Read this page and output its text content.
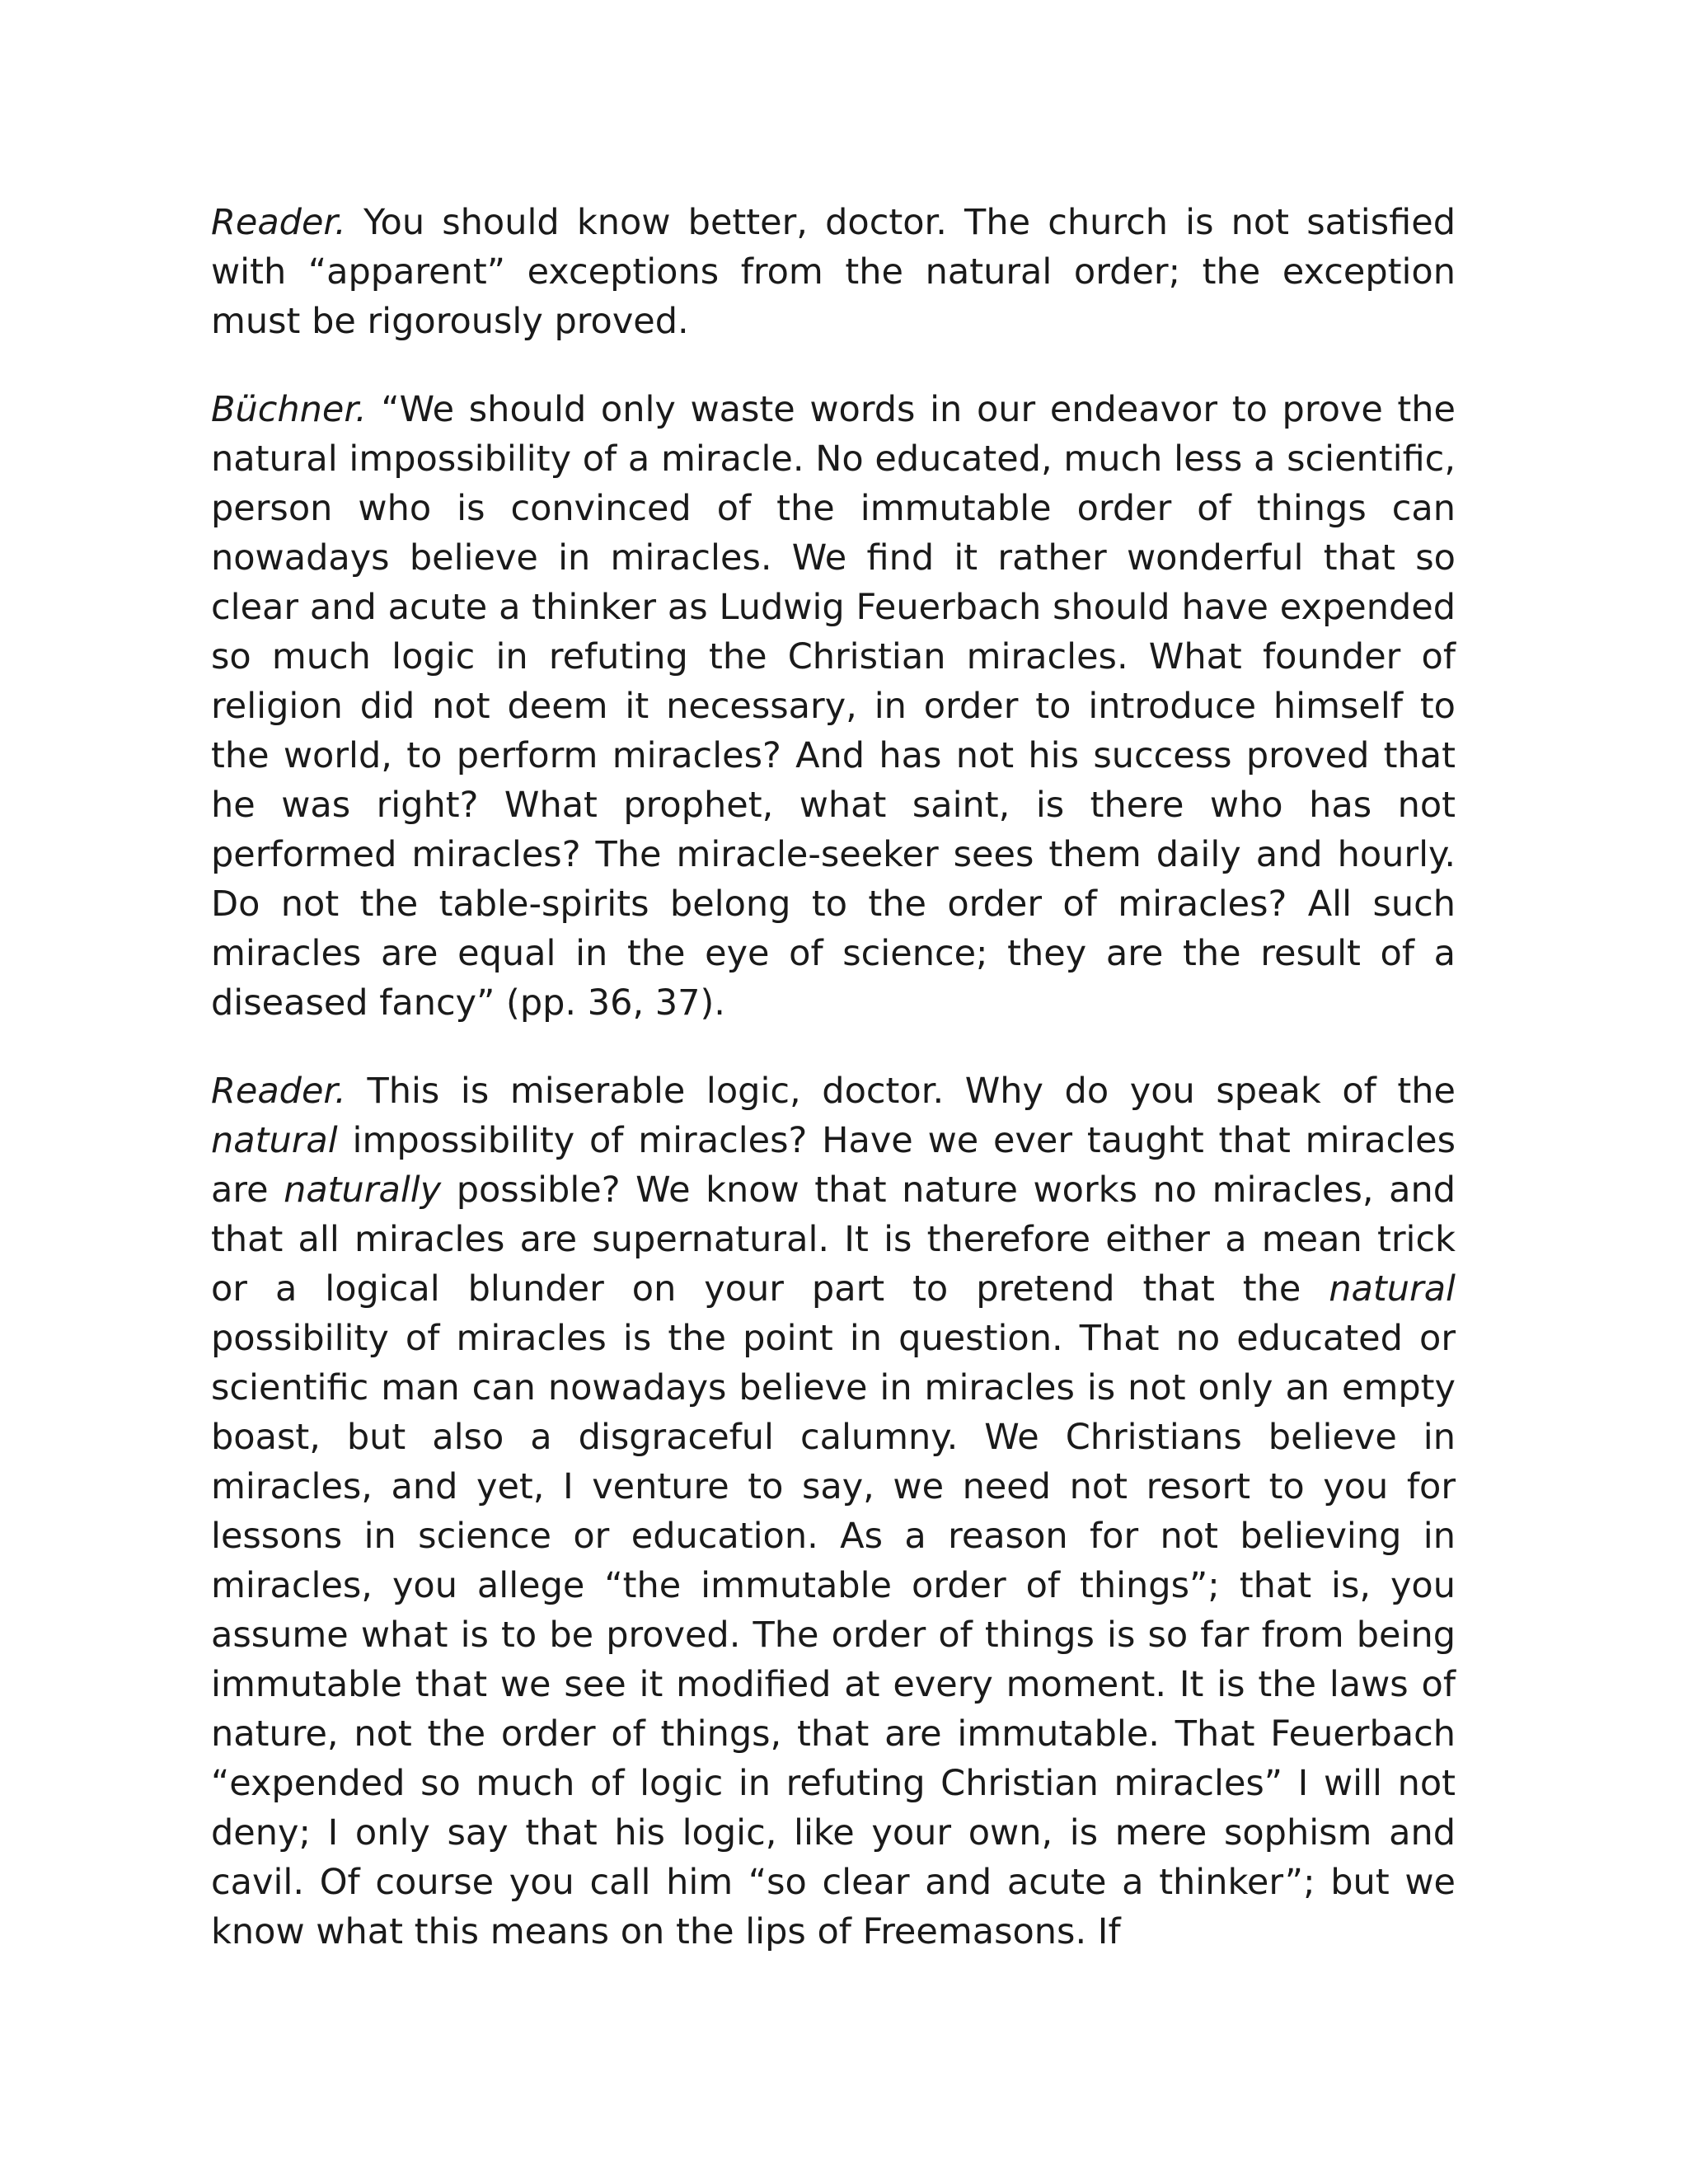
Reader. You should know better, doctor. The church is not satisfied with “apparent” exceptions from the natural order; the exception must be rigorously proved.

Büchner. “We should only waste words in our endeavor to prove the natural impossibility of a miracle. No educated, much less a scientific, person who is convinced of the immutable order of things can nowadays believe in miracles. We find it rather wonderful that so clear and acute a thinker as Ludwig Feuerbach should have expended so much logic in refuting the Christian miracles. What founder of religion did not deem it necessary, in order to introduce himself to the world, to perform miracles? And has not his success proved that he was right? What prophet, what saint, is there who has not performed miracles? The miracle-seeker sees them daily and hourly. Do not the table-spirits belong to the order of miracles? All such miracles are equal in the eye of science; they are the result of a diseased fancy” (pp. 36, 37).

Reader. This is miserable logic, doctor. Why do you speak of the natural impossibility of miracles? Have we ever taught that miracles are naturally possible? We know that nature works no miracles, and that all miracles are supernatural. It is therefore either a mean trick or a logical blunder on your part to pretend that the natural possibility of miracles is the point in question. That no educated or scientific man can nowadays believe in miracles is not only an empty boast, but also a disgraceful calumny. We Christians believe in miracles, and yet, I venture to say, we need not resort to you for lessons in science or education. As a reason for not believing in miracles, you allege “the immutable order of things”; that is, you assume what is to be proved. The order of things is so far from being immutable that we see it modified at every moment. It is the laws of nature, not the order of things, that are immutable. That Feuerbach “expended so much of logic in refuting Christian miracles” I will not deny; I only say that his logic, like your own, is mere sophism and cavil. Of course you call him “so clear and acute a thinker”; but we know what this means on the lips of Freemasons. If
